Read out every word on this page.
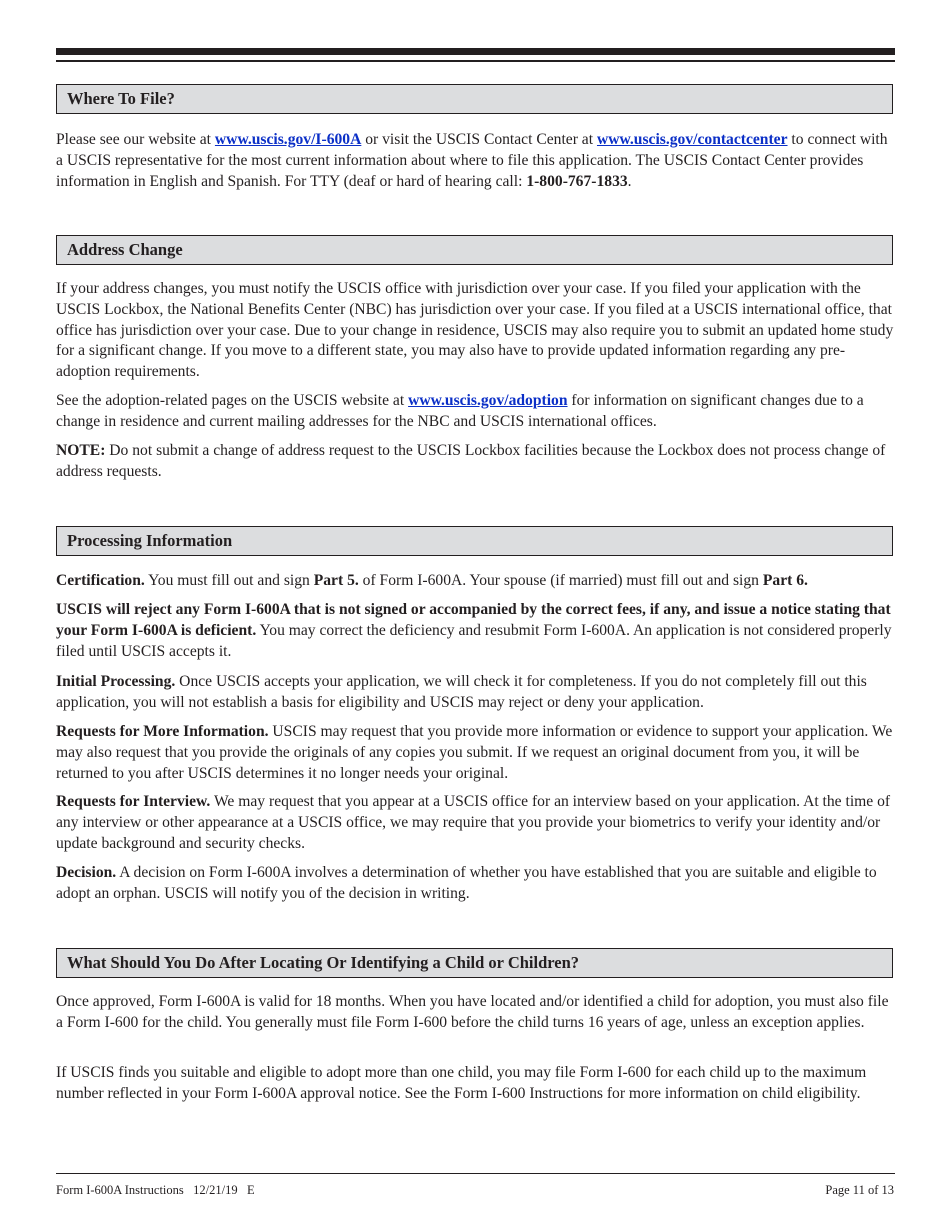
Where To File?

Please see our website at www.uscis.gov/I-600A or visit the USCIS Contact Center at www.uscis.gov/contactcenter to connect with a USCIS representative for the most current information about where to file this application. The USCIS Contact Center provides information in English and Spanish. For TTY (deaf or hard of hearing call: 1-800-767-1833.

Address Change

If your address changes, you must notify the USCIS office with jurisdiction over your case. If you filed your application with the USCIS Lockbox, the National Benefits Center (NBC) has jurisdiction over your case. If you filed at a USCIS international office, that office has jurisdiction over your case. Due to your change in residence, USCIS may also require you to submit an updated home study for a significant change. If you move to a different state, you may also have to provide updated information regarding any pre-adoption requirements.

See the adoption-related pages on the USCIS website at www.uscis.gov/adoption for information on significant changes due to a change in residence and current mailing addresses for the NBC and USCIS international offices.

NOTE: Do not submit a change of address request to the USCIS Lockbox facilities because the Lockbox does not process change of address requests.

Processing Information

Certification. You must fill out and sign Part 5. of Form I-600A. Your spouse (if married) must fill out and sign Part 6.

USCIS will reject any Form I-600A that is not signed or accompanied by the correct fees, if any, and issue a notice stating that your Form I-600A is deficient. You may correct the deficiency and resubmit Form I-600A. An application is not considered properly filed until USCIS accepts it.

Initial Processing. Once USCIS accepts your application, we will check it for completeness. If you do not completely fill out this application, you will not establish a basis for eligibility and USCIS may reject or deny your application.

Requests for More Information. USCIS may request that you provide more information or evidence to support your application. We may also request that you provide the originals of any copies you submit. If we request an original document from you, it will be returned to you after USCIS determines it no longer needs your original.

Requests for Interview. We may request that you appear at a USCIS office for an interview based on your application. At the time of any interview or other appearance at a USCIS office, we may require that you provide your biometrics to verify your identity and/or update background and security checks.

Decision. A decision on Form I-600A involves a determination of whether you have established that you are suitable and eligible to adopt an orphan. USCIS will notify you of the decision in writing.

What Should You Do After Locating Or Identifying a Child or Children?

Once approved, Form I-600A is valid for 18 months. When you have located and/or identified a child for adoption, you must also file a Form I-600 for the child. You generally must file Form I-600 before the child turns 16 years of age, unless an exception applies.

If USCIS finds you suitable and eligible to adopt more than one child, you may file Form I-600 for each child up to the maximum number reflected in your Form I-600A approval notice. See the Form I-600 Instructions for more information on child eligibility.

Form I-600A Instructions   12/21/19   E	Page 11 of 13
